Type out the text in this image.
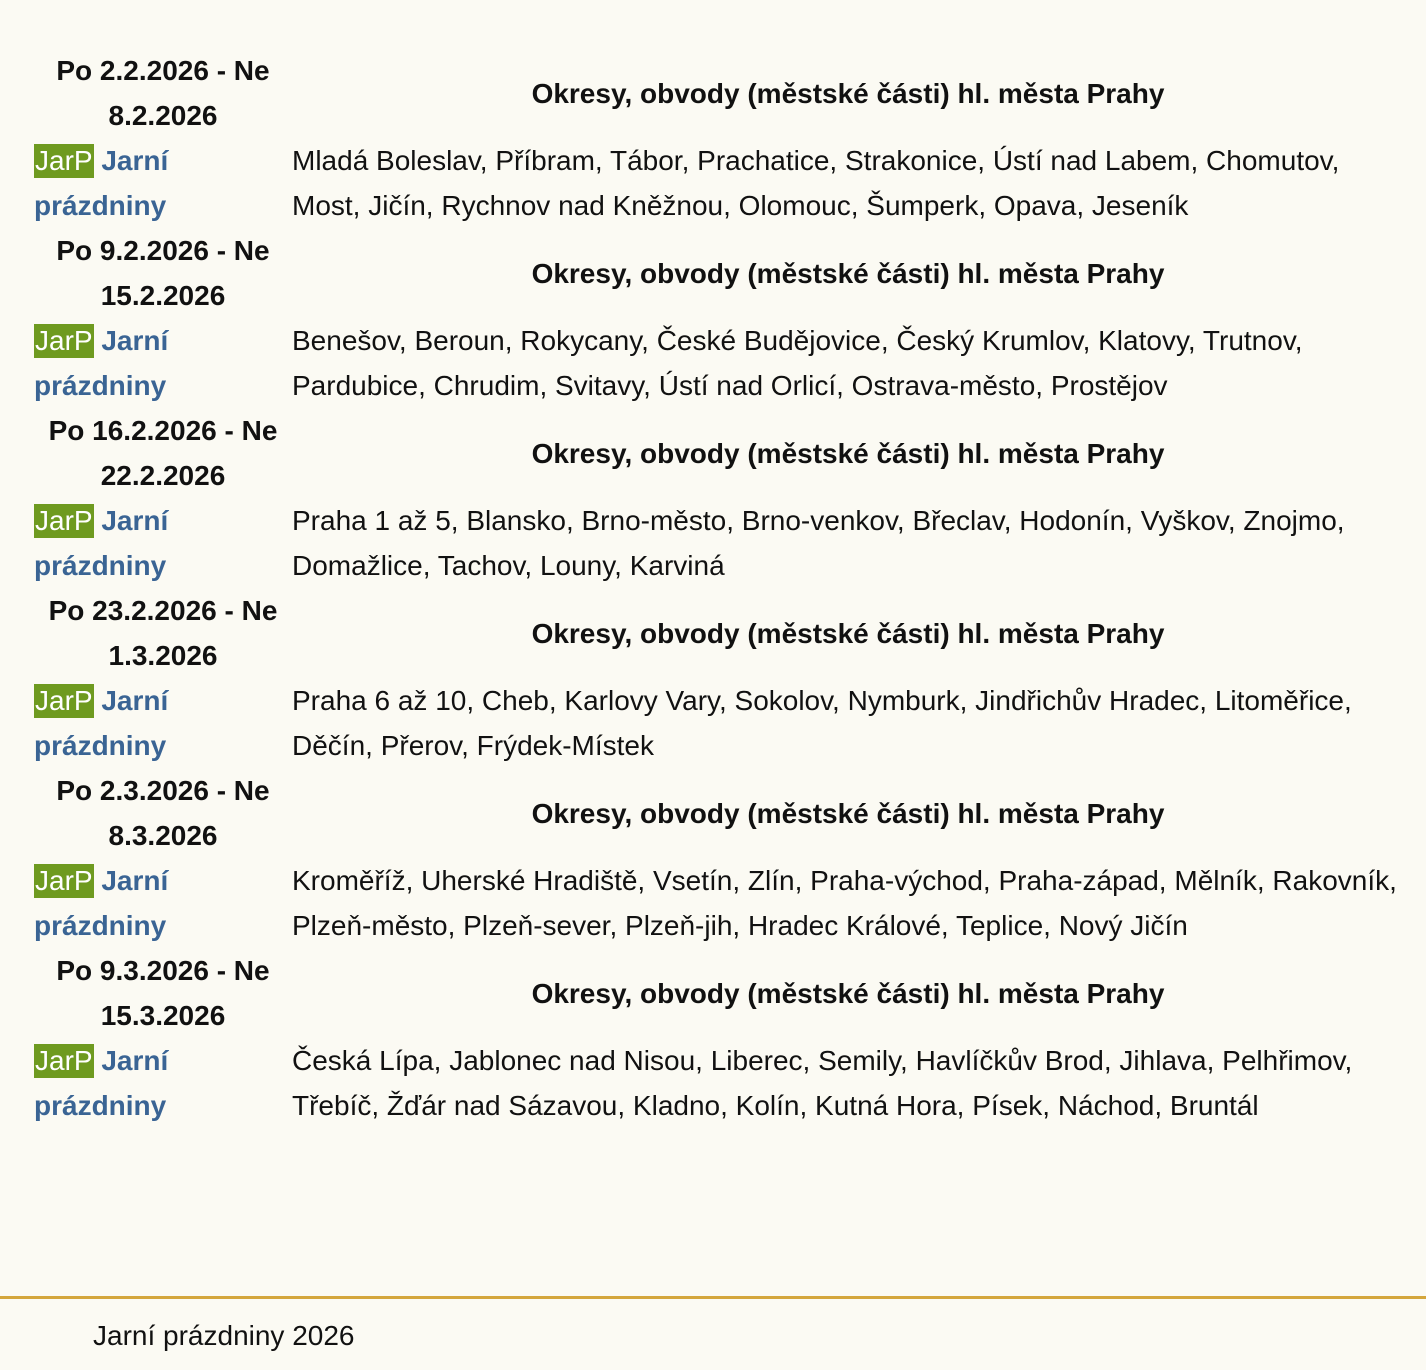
Po 2.2.2026 - Ne 8.2.2026	Okresy, obvody (městské části) hl. města Prahy
JarP Jarní prázdniny	Mladá Boleslav, Příbram, Tábor, Prachatice, Strakonice, Ústí nad Labem, Chomutov, Most, Jičín, Rychnov nad Kněžnou, Olomouc, Šumperk, Opava, Jeseník
Po 9.2.2026 - Ne 15.2.2026	Okresy, obvody (městské části) hl. města Prahy
JarP Jarní prázdniny	Benešov, Beroun, Rokycany, České Budějovice, Český Krumlov, Klatovy, Trutnov, Pardubice, Chrudim, Svitavy, Ústí nad Orlicí, Ostrava-město, Prostějov
Po 16.2.2026 - Ne 22.2.2026	Okresy, obvody (městské části) hl. města Prahy
JarP Jarní prázdniny	Praha 1 až 5, Blansko, Brno-město, Brno-venkov, Břeclav, Hodonín, Vyškov, Znojmo, Domažlice, Tachov, Louny, Karviná
Po 23.2.2026 - Ne 1.3.2026	Okresy, obvody (městské části) hl. města Prahy
JarP Jarní prázdniny	Praha 6 až 10, Cheb, Karlovy Vary, Sokolov, Nymburk, Jindřichův Hradec, Litoměřice, Děčín, Přerov, Frýdek-Místek
Po 2.3.2026 - Ne 8.3.2026	Okresy, obvody (městské části) hl. města Prahy
JarP Jarní prázdniny	Kroměříž, Uherské Hradiště, Vsetín, Zlín, Praha-východ, Praha-západ, Mělník, Rakovník, Plzeň-město, Plzeň-sever, Plzeň-jih, Hradec Králové, Teplice, Nový Jičín
Po 9.3.2026 - Ne 15.3.2026	Okresy, obvody (městské části) hl. města Prahy
JarP Jarní prázdniny	Česká Lípa, Jablonec nad Nisou, Liberec, Semily, Havlíčkův Brod, Jihlava, Pelhřimov, Třebíč, Žďár nad Sázavou, Kladno, Kolín, Kutná Hora, Písek, Náchod, Bruntál
Jarní prázdniny 2026
